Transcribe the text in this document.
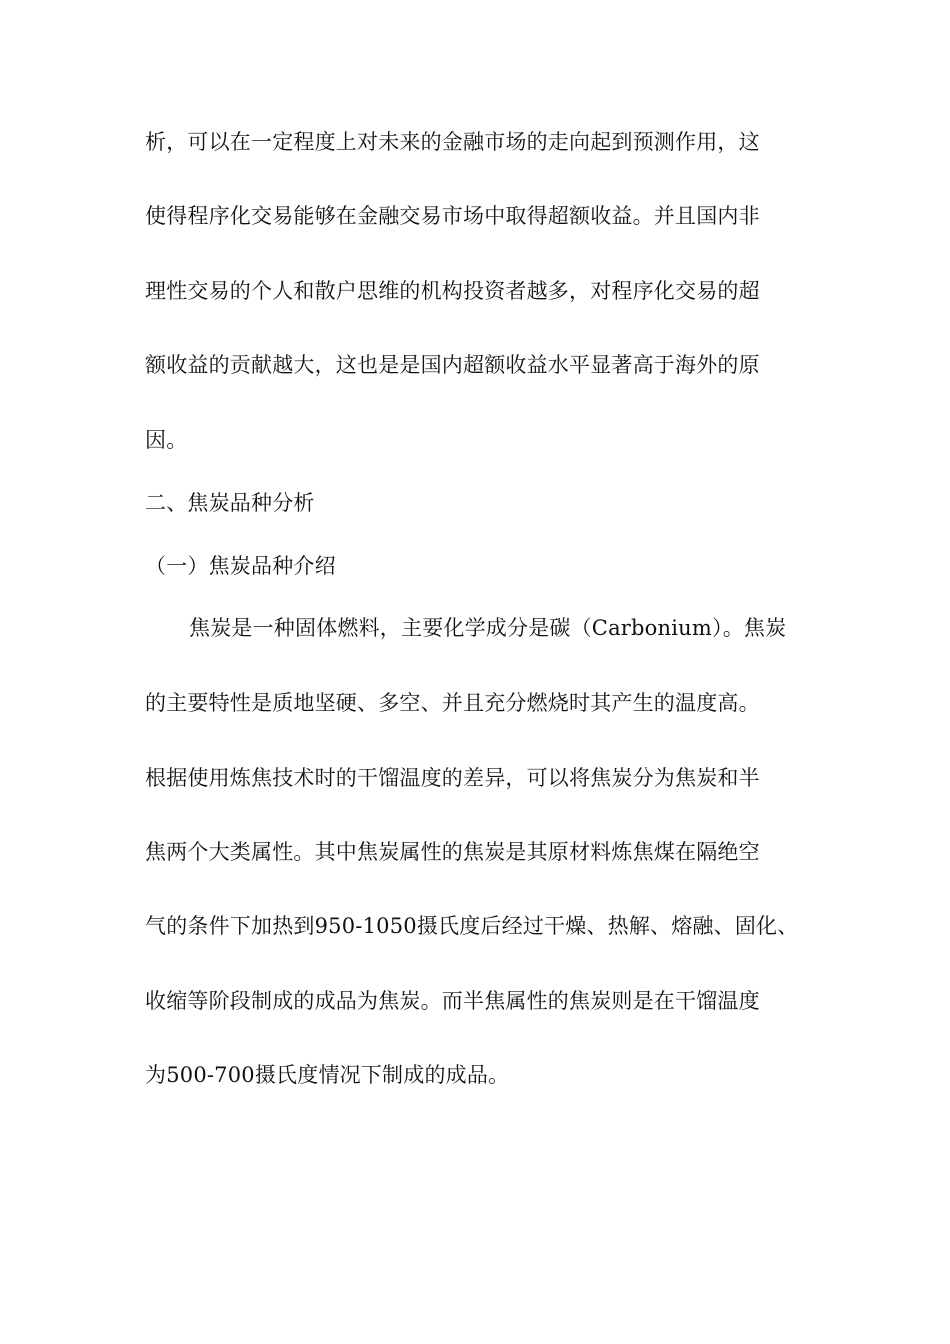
析，可以在一定程度上对未来的金融市场的走向起到预测作用，这
使得程序化交易能够在金融交易市场中取得超额收益。并且国内非
理性交易的个人和散户思维的机构投资者越多，对程序化交易的超
额收益的贡献越大，这也是是国内超额收益水平显著高于海外的原
因。
二、焦炭品种分析
（一）焦炭品种介绍
焦炭是一种固体燃料，主要化学成分是碳（Carbonium）。焦炭
的主要特性是质地坚硬、多空、并且充分燃烧时其产生的温度高。
根据使用炼焦技术时的干馏温度的差异，可以将焦炭分为焦炭和半
焦两个大类属性。其中焦炭属性的焦炭是其原材料炼焦煤在隔绝空
气的条件下加热到950-1050摄氏度后经过干燥、热解、熔融、固化、
收缩等阶段制成的成品为焦炭。而半焦属性的焦炭则是在干馏温度
为500-700摄氏度情况下制成的成品。
